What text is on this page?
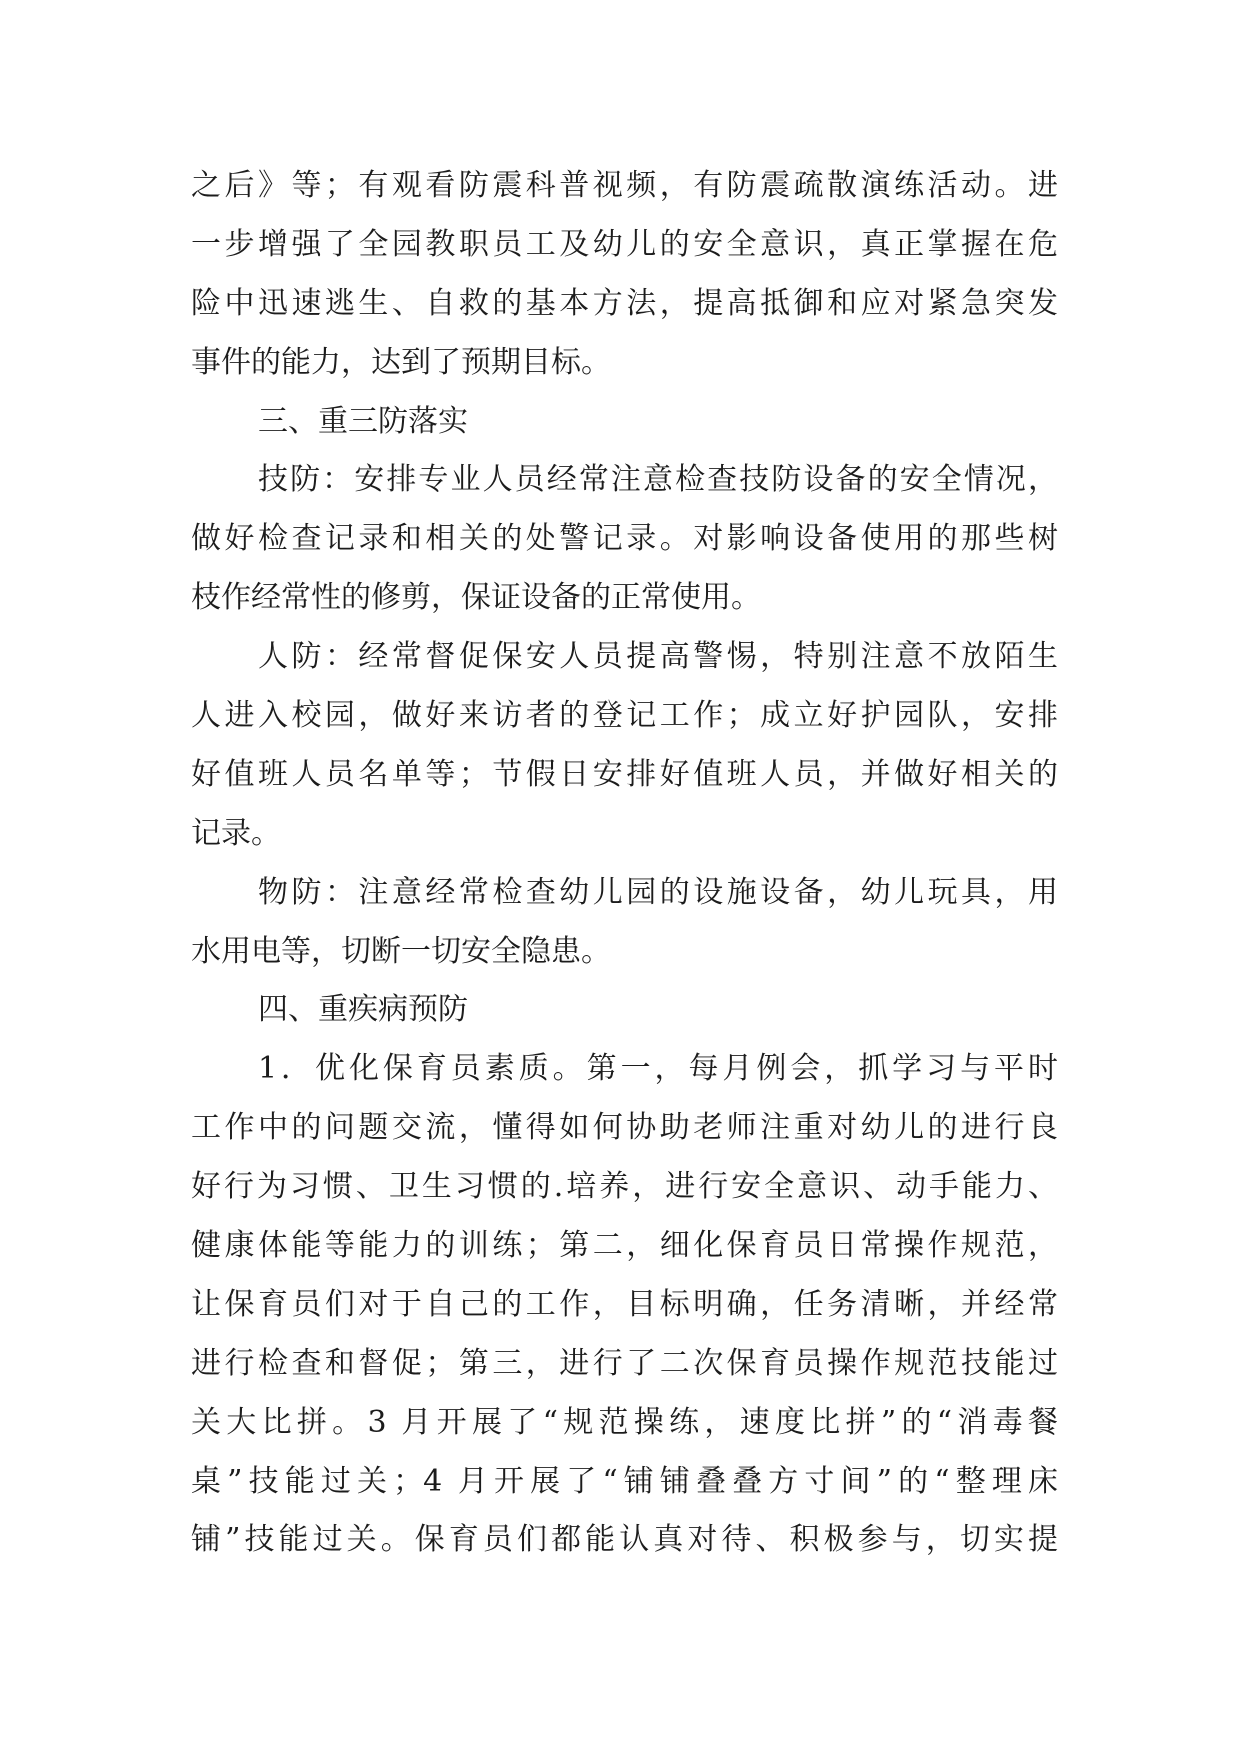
之后》等；有观看防震科普视频，有防震疏散演练活动。进
一步增强了全园教职员工及幼儿的安全意识，真正掌握在危
险中迅速逃生、自救的基本方法，提高抵御和应对紧急突发
事件的能力，达到了预期目标。
三、重三防落实
技防：安排专业人员经常注意检查技防设备的安全情况，
做好检查记录和相关的处警记录。对影响设备使用的那些树
枝作经常性的修剪，保证设备的正常使用。
人防：经常督促保安人员提高警惕，特别注意不放陌生
人进入校园，做好来访者的登记工作；成立好护园队，安排
好值班人员名单等；节假日安排好值班人员，并做好相关的
记录。
物防：注意经常检查幼儿园的设施设备，幼儿玩具，用
水用电等，切断一切安全隐患。
四、重疾病预防
1．优化保育员素质。第一，每月例会，抓学习与平时
工作中的问题交流，懂得如何协助老师注重对幼儿的进行良
好行为习惯、卫生习惯的.培养，进行安全意识、动手能力、
健康体能等能力的训练；第二，细化保育员日常操作规范，
让保育员们对于自己的工作，目标明确，任务清晰，并经常
进行检查和督促；第三，进行了二次保育员操作规范技能过
关大比拼。3 月开展了“规范操练，速度比拼”的“消毒餐
桌”技能过关；4 月开展了“铺铺叠叠方寸间”的“整理床
铺”技能过关。保育员们都能认真对待、积极参与，切实提
